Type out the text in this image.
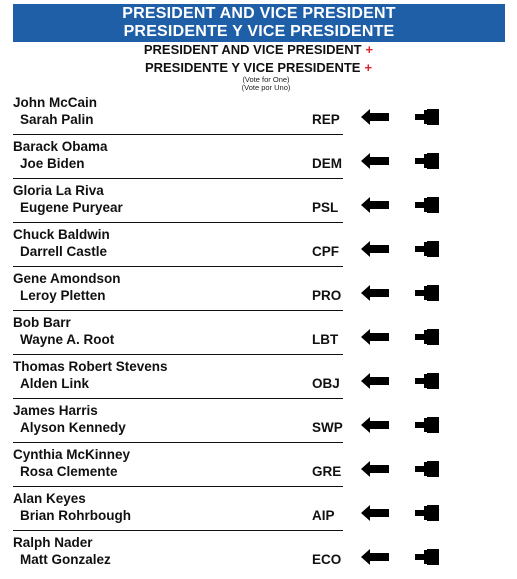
PRESIDENT AND VICE PRESIDENT
PRESIDENTE Y VICE PRESIDENTE
PRESIDENT AND VICE PRESIDENT +
PRESIDENTE Y VICE PRESIDENTE +
(Vote for One)
(Vote por Uno)
John McCain
Sarah Palin	REP
Barack Obama
Joe Biden	DEM
Gloria La Riva
Eugene Puryear	PSL
Chuck Baldwin
Darrell Castle	CPF
Gene Amondson
Leroy Pletten	PRO
Bob Barr
Wayne A. Root	LBT
Thomas Robert Stevens
Alden Link	OBJ
James Harris
Alyson Kennedy	SWP
Cynthia McKinney
Rosa Clemente	GRE
Alan Keyes
Brian Rohrbough	AIP
Ralph Nader
Matt Gonzalez	ECO
